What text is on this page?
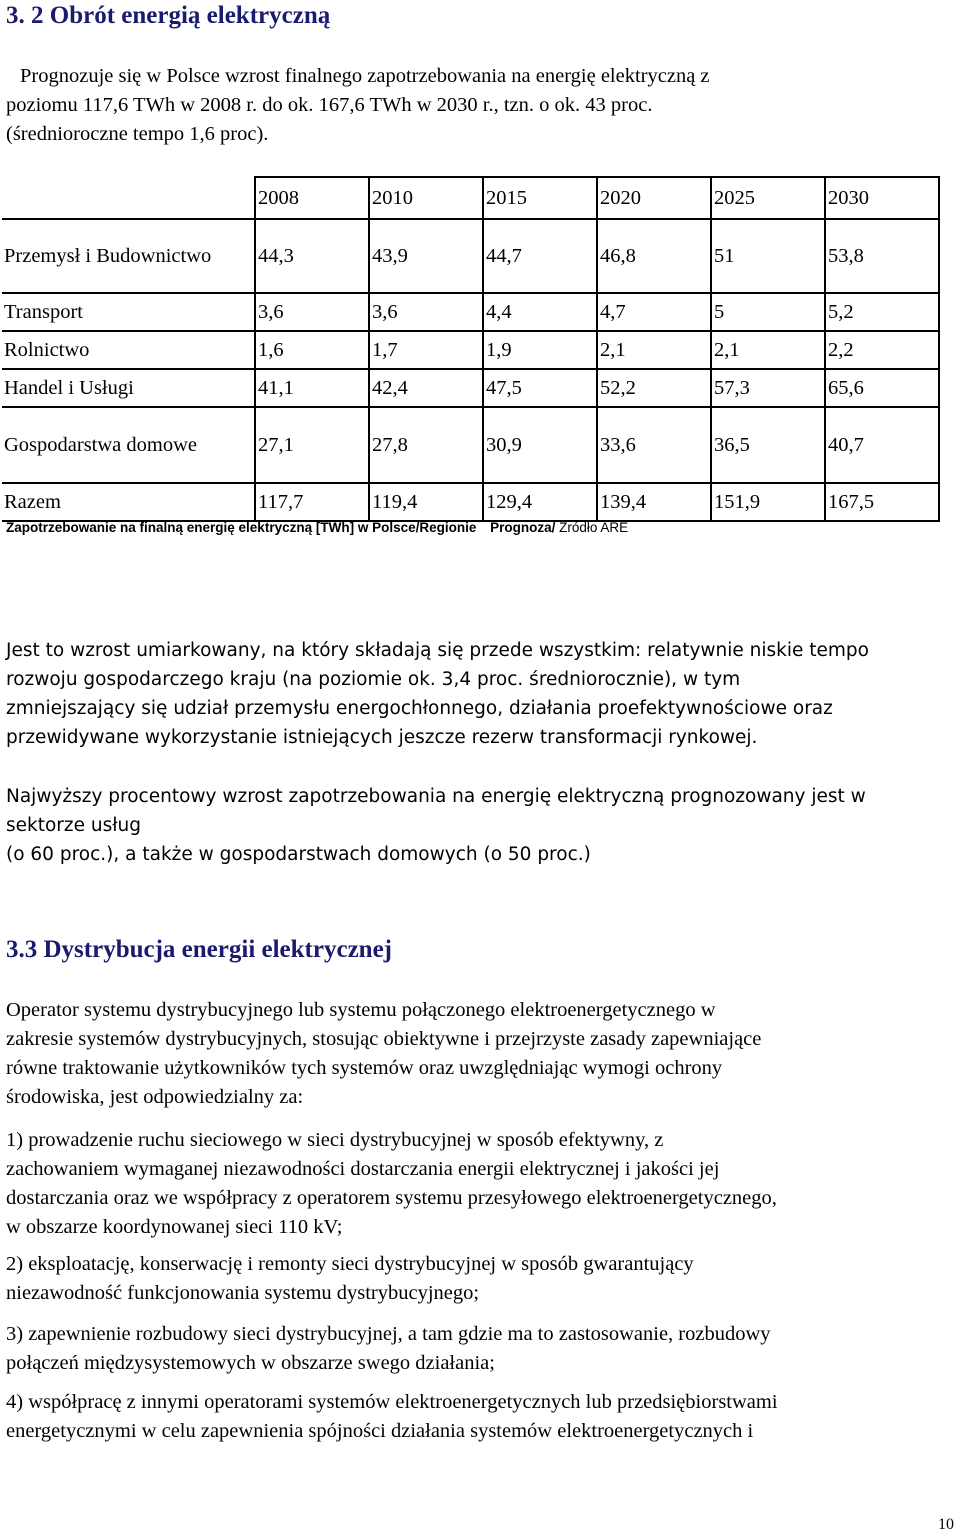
3. 2 Obrót energią elektryczną

Prognozuje się w Polsce wzrost finalnego zapotrzebowania na energię elektryczną z

poziomu 117,6 TWh w 2008 r. do ok. 167,6 TWh w 2030 r., tzn. o ok. 43 proc.

(średnioroczne tempo 1,6 proc).

	2008	2010	2015	2020	2025	2030
Przemysł i Budownictwo	44,3	43,9	44,7	46,8	51	53,8
Transport	3,6	3,6	4,4	4,7	5	5,2
Rolnictwo	1,6	1,7	1,9	2,1	2,1	2,2
Handel i Usługi	41,1	42,4	47,5	52,2	57,3	65,6
Gospodarstwa domowe	27,1	27,8	30,9	33,6	36,5	40,7
Razem	117,7	119,4	129,4	139,4	151,9	167,5
Zapotrzebowanie na finalną energię elektryczną [TWh] w Polsce/Regionie Prognoza/ Zródło ARE
Jest to wzrost umiarkowany, na który składają się przede wszystkim: relatywnie niskie tempo
rozwoju gospodarczego kraju (na poziomie ok. 3,4 proc. średniorocznie), w tym
zmniejszający się udział przemysłu energochłonnego, działania proefektywnościowe oraz
przewidywane wykorzystanie istniejących jeszcze rezerw transformacji rynkowej.
Najwyższy procentowy wzrost zapotrzebowania na energię elektryczną prognozowany jest w
sektorze usług
(o 60 proc.), a także w gospodarstwach domowych (o 50 proc.)
3.3 Dystrybucja energii elektrycznej
Operator systemu dystrybucyjnego lub systemu połączonego elektroenergetycznego w
zakresie systemów dystrybucyjnych, stosując obiektywne i przejrzyste zasady zapewniające
równe traktowanie użytkowników tych systemów oraz uwzględniając wymogi ochrony
środowiska, jest odpowiedzialny za:
1) prowadzenie ruchu sieciowego w sieci dystrybucyjnej w sposób efektywny, z
zachowaniem wymaganej niezawodności dostarczania energii elektrycznej i jakości jej
dostarczania oraz we współpracy z operatorem systemu przesyłowego elektroenergetycznego,
w obszarze koordynowanej sieci 110 kV;
2) eksploatację, konserwację i remonty sieci dystrybucyjnej w sposób gwarantujący
niezawodność funkcjonowania systemu dystrybucyjnego;
3) zapewnienie rozbudowy sieci dystrybucyjnej, a tam gdzie ma to zastosowanie, rozbudowy
połączeń międzysystemowych w obszarze swego działania;
4) współpracę z innymi operatorami systemów elektroenergetycznych lub przedsiębiorstwami
energetycznymi w celu zapewnienia spójności działania systemów elektroenergetycznych i
10
